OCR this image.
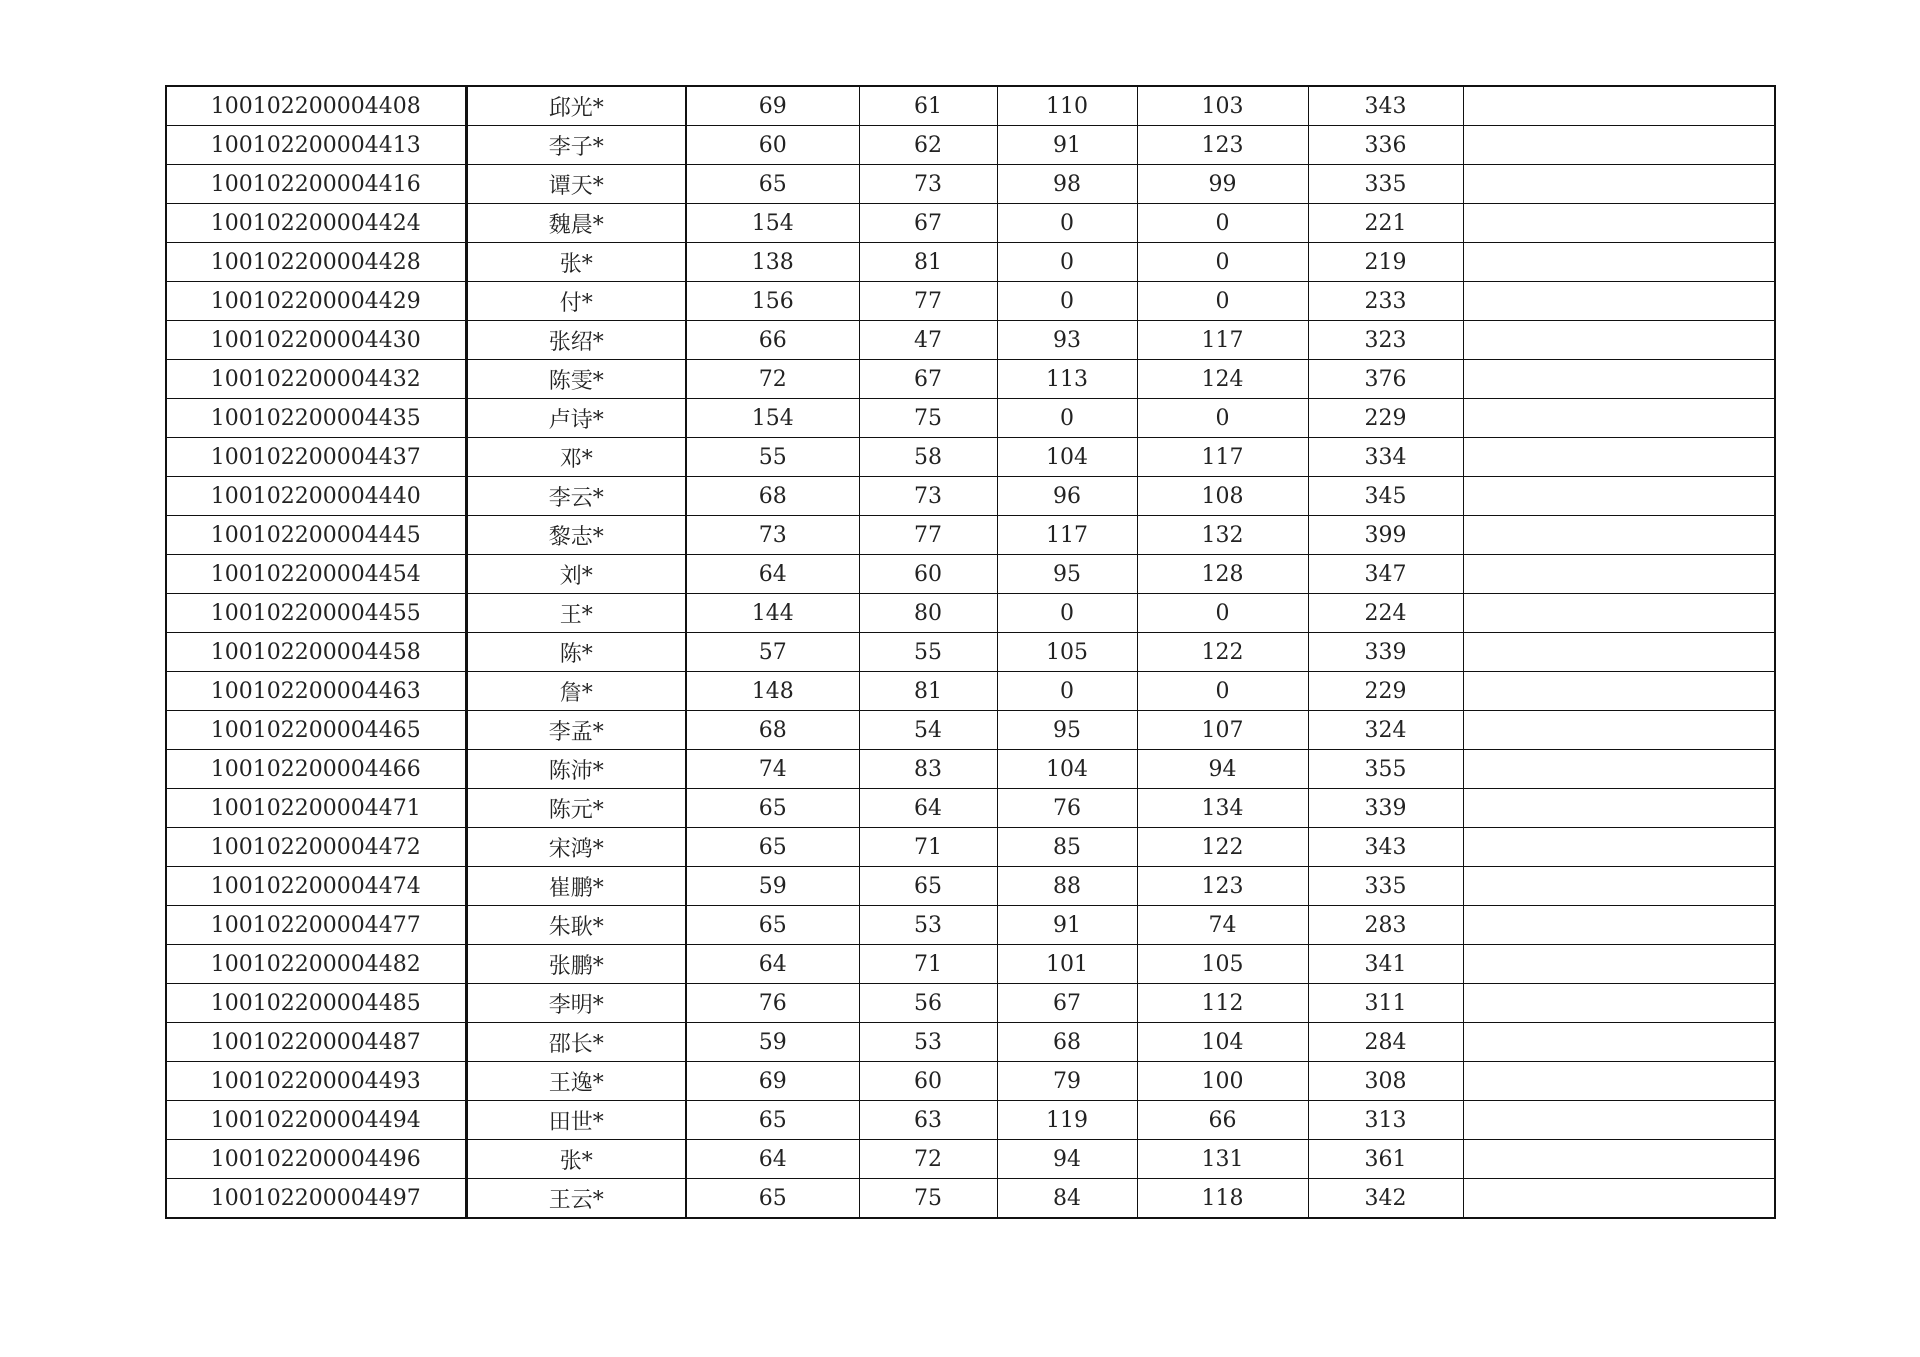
100102200004408	邱光*	69	61	110	103	343	
100102200004413	李子*	60	62	91	123	336	
100102200004416	谭天*	65	73	98	99	335	
100102200004424	魏晨*	154	67	0	0	221	
100102200004428	张*	138	81	0	0	219	
100102200004429	付*	156	77	0	0	233	
100102200004430	张绍*	66	47	93	117	323	
100102200004432	陈雯*	72	67	113	124	376	
100102200004435	卢诗*	154	75	0	0	229	
100102200004437	邓*	55	58	104	117	334	
100102200004440	李云*	68	73	96	108	345	
100102200004445	黎志*	73	77	117	132	399	
100102200004454	刘*	64	60	95	128	347	
100102200004455	王*	144	80	0	0	224	
100102200004458	陈*	57	55	105	122	339	
100102200004463	詹*	148	81	0	0	229	
100102200004465	李孟*	68	54	95	107	324	
100102200004466	陈沛*	74	83	104	94	355	
100102200004471	陈元*	65	64	76	134	339	
100102200004472	宋鸿*	65	71	85	122	343	
100102200004474	崔鹏*	59	65	88	123	335	
100102200004477	朱耿*	65	53	91	74	283	
100102200004482	张鹏*	64	71	101	105	341	
100102200004485	李明*	76	56	67	112	311	
100102200004487	邵长*	59	53	68	104	284	
100102200004493	王逸*	69	60	79	100	308	
100102200004494	田世*	65	63	119	66	313	
100102200004496	张*	64	72	94	131	361	
100102200004497	王云*	65	75	84	118	342	
